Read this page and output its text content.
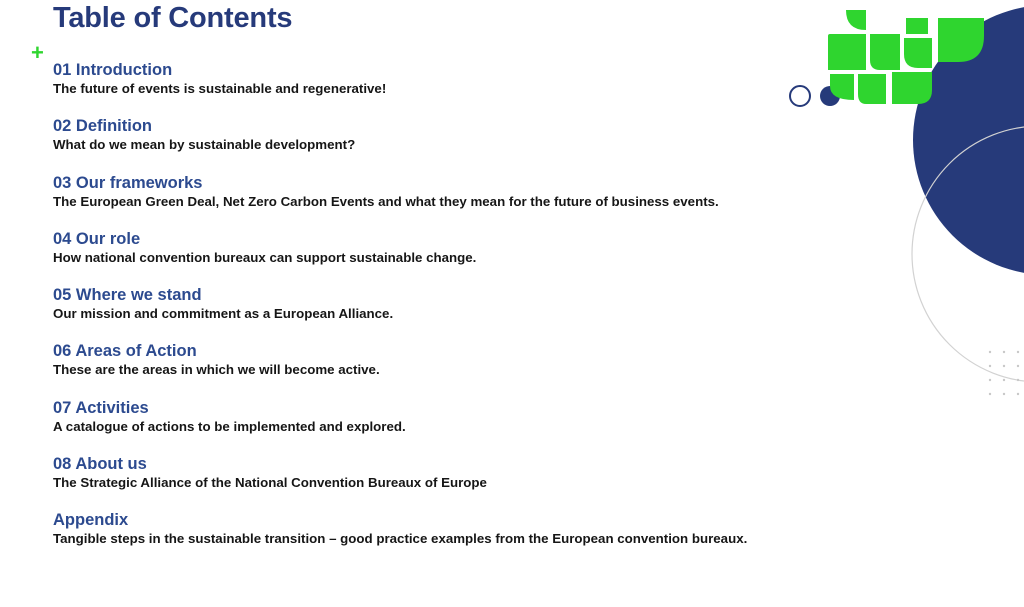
Table of Contents
+
01 Introduction
The future of events is sustainable and regenerative!
02 Definition
What do we mean by sustainable development?
03 Our frameworks
The European Green Deal, Net Zero Carbon Events and what they mean for the future of business events.
04 Our role
How national convention bureaux can support sustainable change.
05 Where we stand
Our mission and commitment as a European Alliance.
06 Areas of Action
These are the areas in which we will become active.
07 Activities
A catalogue of actions to be implemented and explored.
08 About us
The Strategic Alliance of the National Convention Bureaux of Europe
Appendix
Tangible steps in the sustainable transition – good practice examples from the European convention bureaux.
